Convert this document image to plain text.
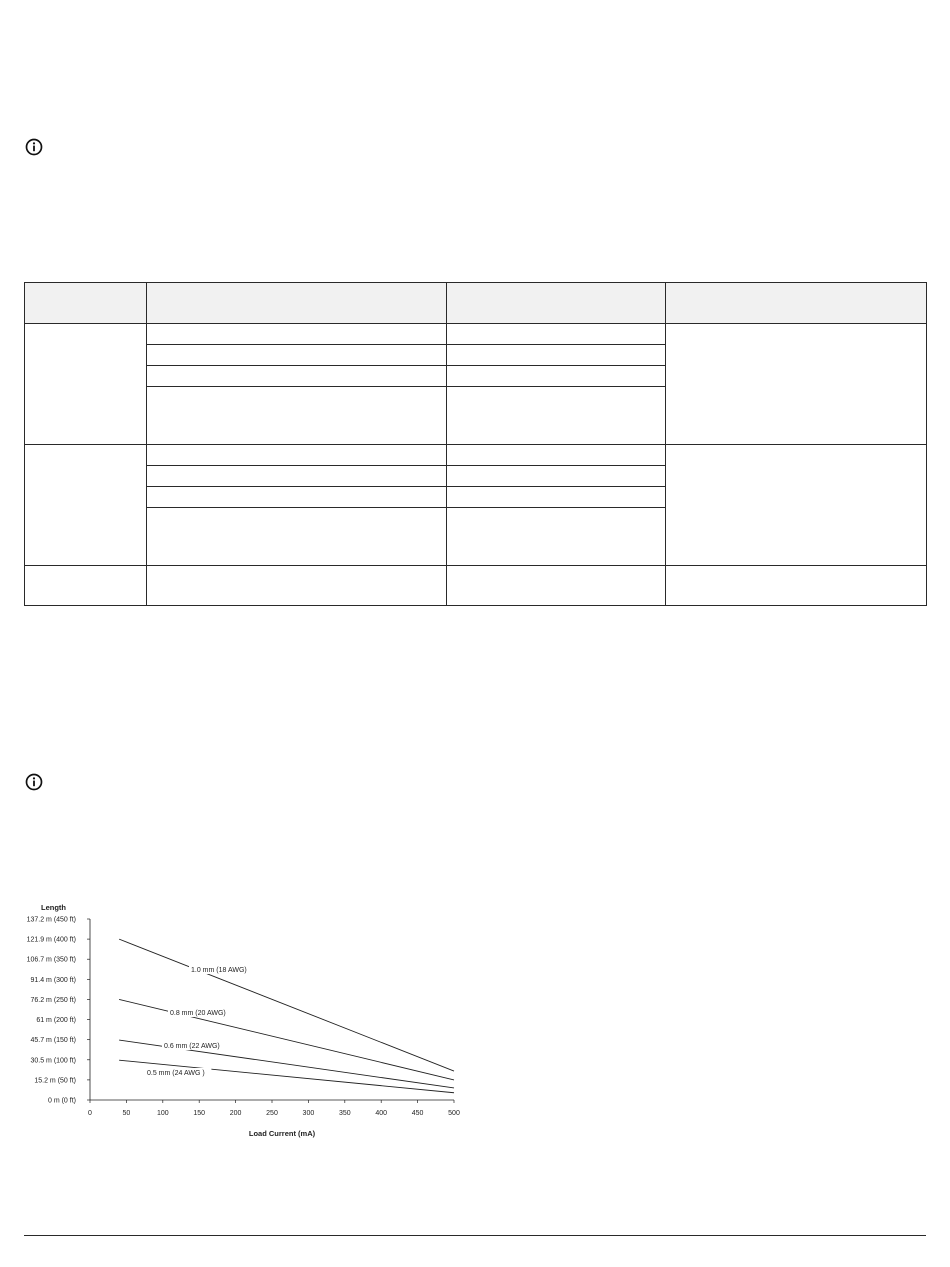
Length
0 m (0 ft)
15.2 m (50 ft)
30.5 m (100 ft)
45.7 m (150 ft)
61 m (200 ft)
76.2 m (250 ft)
91.4 m (300 ft)
106.7 m (350 ft)
121.9 m (400 ft)
137.2 m (450 ft)
0	50	100	150	200	250	300	350	400	450	500
1.0 mm (18 AWG)
0.8 mm (20 AWG)
0.6 mm (22 AWG)
0.5 mm (24 AWG )
Load Current (mA)
